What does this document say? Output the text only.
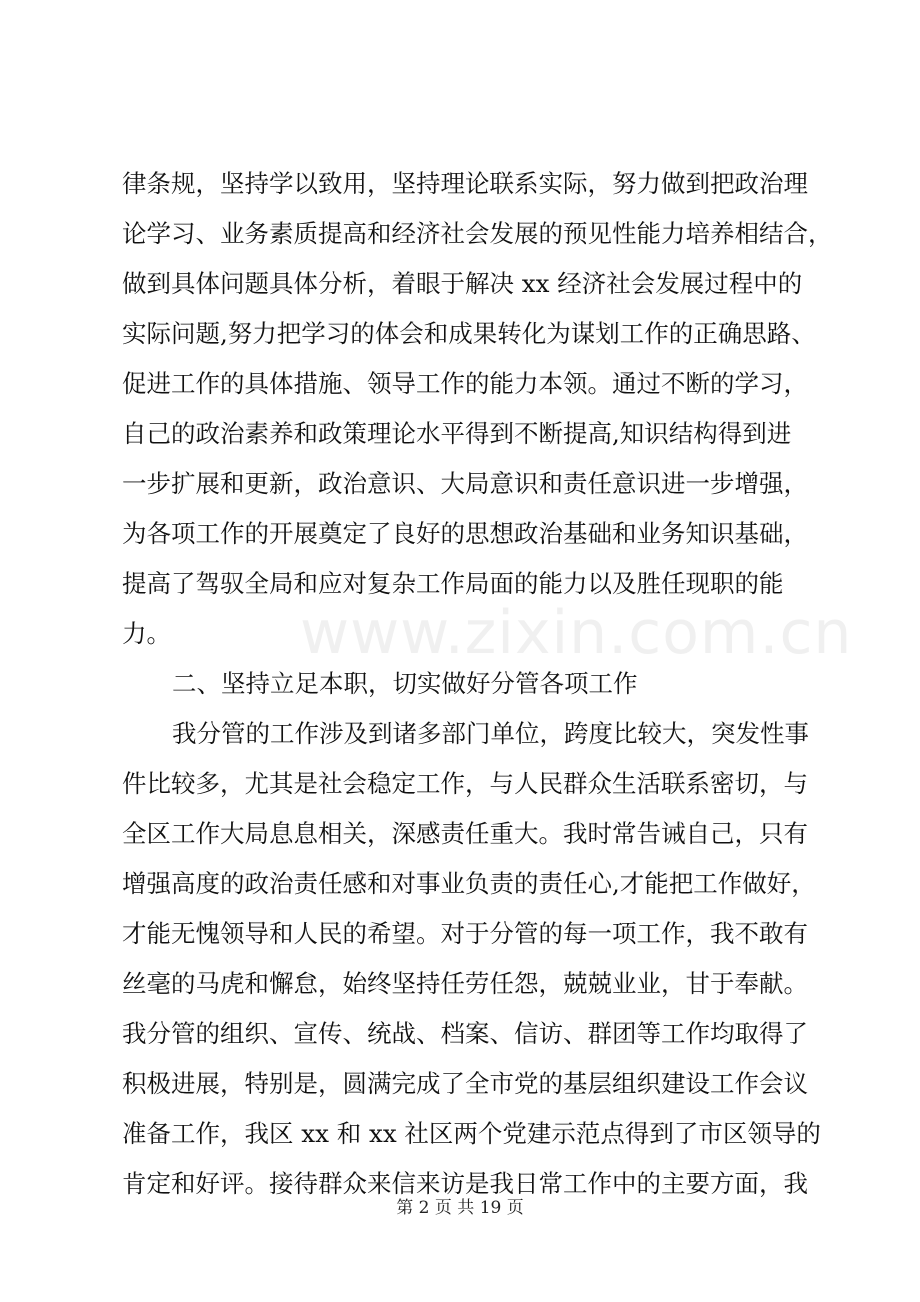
www.zixin.com.cn
律条规，坚持学以致用，坚持理论联系实际，努力做到把政治理
论学习、业务素质提高和经济社会发展的预见性能力培养相结合，
做到具体问题具体分析，着眼于解决 xx 经济社会发展过程中的
实际问题,努力把学习的体会和成果转化为谋划工作的正确思路、
促进工作的具体措施、领导工作的能力本领。通过不断的学习，
自己的政治素养和政策理论水平得到不断提高,知识结构得到进
一步扩展和更新，政治意识、大局意识和责任意识进一步增强，
为各项工作的开展奠定了良好的思想政治基础和业务知识基础，
提高了驾驭全局和应对复杂工作局面的能力以及胜任现职的能
力。
二、坚持立足本职，切实做好分管各项工作
我分管的工作涉及到诸多部门单位，跨度比较大，突发性事
件比较多，尤其是社会稳定工作，与人民群众生活联系密切，与
全区工作大局息息相关，深感责任重大。我时常告诫自己，只有
增强高度的政治责任感和对事业负责的责任心,才能把工作做好，
才能无愧领导和人民的希望。对于分管的每一项工作，我不敢有
丝毫的马虎和懈怠，始终坚持任劳任怨，兢兢业业，甘于奉献。
我分管的组织、宣传、统战、档案、信访、群团等工作均取得了
积极进展，特别是，圆满完成了全市党的基层组织建设工作会议
准备工作，我区 xx 和 xx 社区两个党建示范点得到了市区领导的
肯定和好评。接待群众来信来访是我日常工作中的主要方面，我
第 2 页 共 19 页
